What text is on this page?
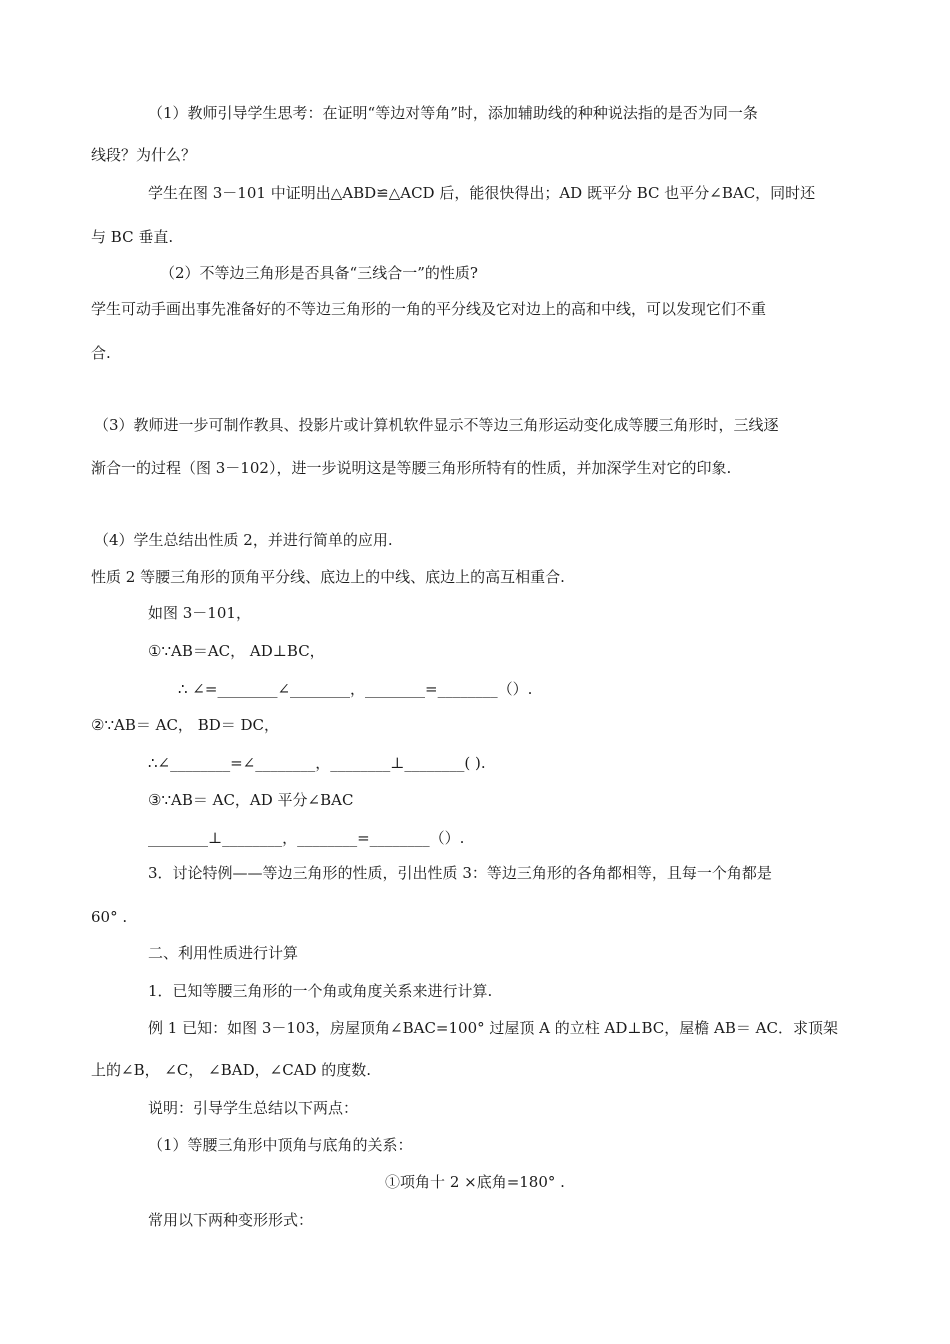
（1）教师引导学生思考：在证明“等边对等角”时，添加辅助线的种种说法指的是否为同一条
线段？为什么？
学生在图 3－101 中证明出△ABD≌△ACD 后，能很快得出；AD 既平分 BC 也平分∠BAC，同时还
与 BC 垂直.
（2）不等边三角形是否具备“三线合一”的性质?
学生可动手画出事先准备好的不等边三角形的一角的平分线及它对边上的高和中线，可以发现它们不重
合.
（3）教师进一步可制作教具、投影片或计算机软件显示不等边三角形运动变化成等腰三角形时，三线逐
渐合一的过程（图 3－102），进一步说明这是等腰三角形所特有的性质，并加深学生对它的印象.
（4）学生总结出性质 2，并进行简单的应用.
性质 2 等腰三角形的顶角平分线、底边上的中线、底边上的高互相重合.
如图 3－101，
①∵AB＝AC， AD⊥BC，
∴ ∠=________∠________，________=________（）.
②∵AB＝ AC， BD＝ DC，
∴∠________=∠________，________⊥________( ).
③∵AB＝ AC，AD 平分∠BAC
________⊥________，________=________（）.
3．讨论特例——等边三角形的性质，引出性质 3：等边三角形的各角都相等，且每一个角都是
60° .
二、利用性质进行计算
1．已知等腰三角形的一个角或角度关系来进行计算.
例 1 已知：如图 3－103，房屋顶角∠BAC=100° 过屋顶 A 的立柱 AD⊥BC，屋檐 AB＝ AC．求顶架
上的∠B， ∠C， ∠BAD，∠CAD 的度数.
说明：引导学生总结以下两点：
（1）等腰三角形中顶角与底角的关系：
①项角十 2 ×底角=180° .
常用以下两种变形形式：
